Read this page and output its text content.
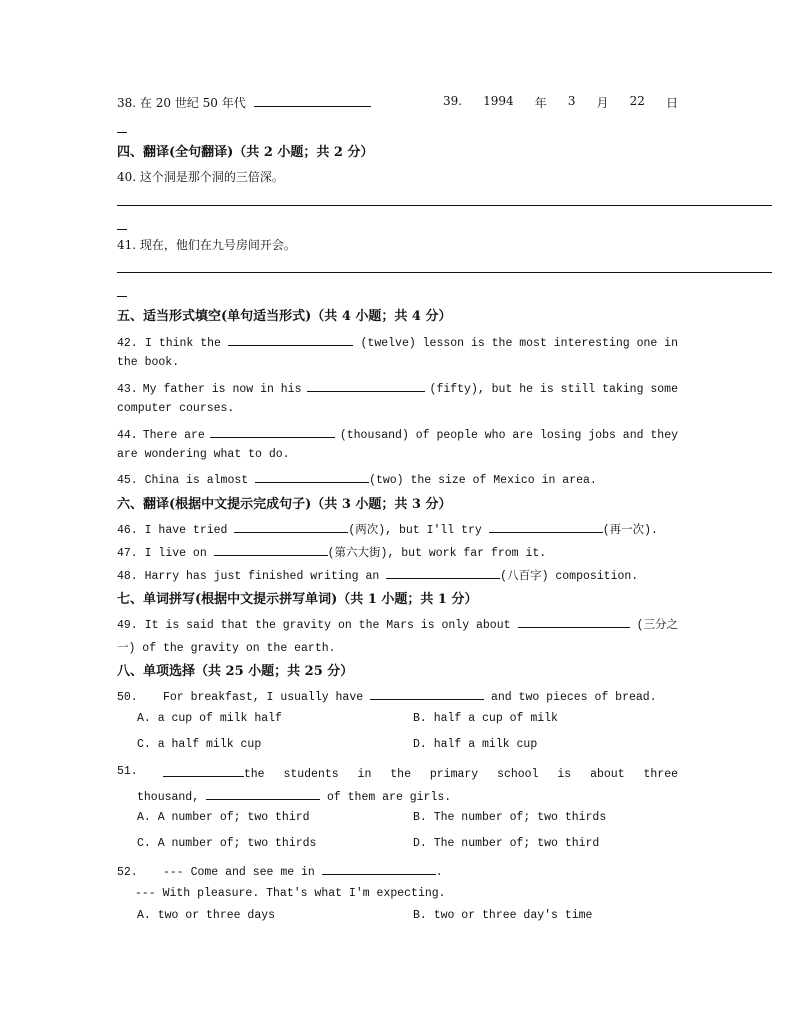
38. 在 20 世纪 50 年代	39. 1994 年 3 月 22 日
四、翻译(全句翻译)（共 2 小题；共 2 分）
40. 这个洞是那个洞的三倍深。
41. 现在，他们在九号房间开会。
五、适当形式填空(单句适当形式)（共 4 小题；共 4 分）
42. I think the	(twelve) lesson is the most interesting one in
the book.
43. My father is now in his	(fifty), but he is still taking some
computer courses.
44. There are	(thousand) of people who are losing jobs and they
are wondering what to do.
45. China is almost	(two) the size of Mexico in area.
六、翻译(根据中文提示完成句子)（共 3 小题；共 3 分）
46. I have tried	(两次), but I'll try	(再一次).
47. I live on	(第六大街), but work far from it.
48. Harry has just finished writing an	(八百字) composition.
七、单词拼写(根据中文提示拼写单词)（共 1 小题；共 1 分）
49. It is said that the gravity on the Mars is only about	(三分之
一) of the gravity on the earth.
八、单项选择（共 25 小题；共 25 分）
50. For breakfast, I usually have	and two pieces of bread.
A. a cup of milk half	B. half a cup of milk
C. a half milk cup	D. half a milk cup
51.	the students in the primary school is about three
thousand,	of them are girls.
A. A number of; two third	B. The number of; two thirds
C. A number of; two thirds	D. The number of; two third
52. --- Come and see me in	.
--- With pleasure. That's what I'm expecting.
A. two or three days	B. two or three day's time
